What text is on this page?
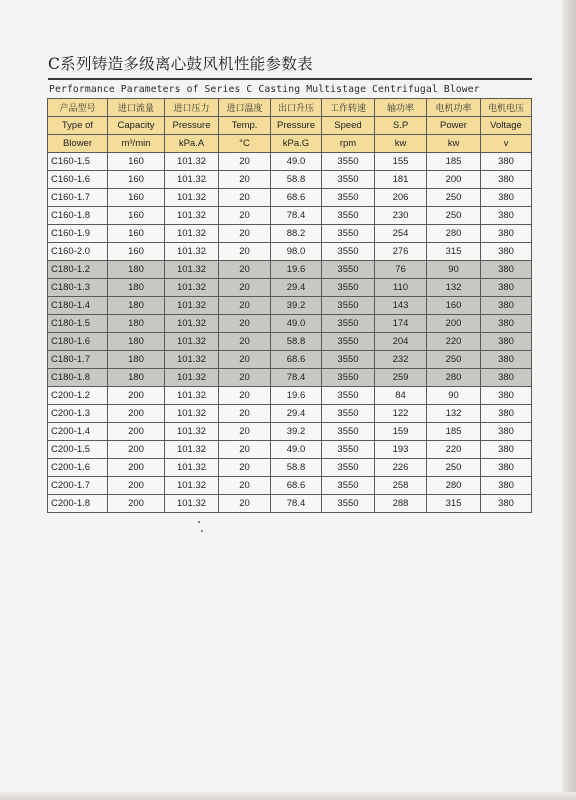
C系列铸造多级离心鼓风机性能参数表
Performance Parameters of Series C Casting Multistage Centrifugal Blower
产品型号	进口流量	进口压力	进口温度	出口升压	工作转速	轴功率	电机功率	电机电压
Type of	Capacity	Pressure	Temp.	Pressure	Speed	S.P	Power	Voltage
Blower	m³/min	kPa.A	°C	kPa.G	rpm	kw	kw	v
C160-1.5	160	101.32	20	49.0	3550	155	185	380
C160-1.6	160	101.32	20	58.8	3550	181	200	380
C160-1.7	160	101.32	20	68.6	3550	206	250	380
C160-1.8	160	101.32	20	78.4	3550	230	250	380
C160-1.9	160	101.32	20	88.2	3550	254	280	380
C160-2.0	160	101.32	20	98.0	3550	276	315	380
C180-1.2	180	101.32	20	19.6	3550	76	90	380
C180-1.3	180	101.32	20	29.4	3550	110	132	380
C180-1.4	180	101.32	20	39.2	3550	143	160	380
C180-1.5	180	101.32	20	49.0	3550	174	200	380
C180-1.6	180	101.32	20	58.8	3550	204	220	380
C180-1.7	180	101.32	20	68.6	3550	232	250	380
C180-1.8	180	101.32	20	78.4	3550	259	280	380
C200-1.2	200	101.32	20	19.6	3550	84	90	380
C200-1.3	200	101.32	20	29.4	3550	122	132	380
C200-1.4	200	101.32	20	39.2	3550	159	185	380
C200-1.5	200	101.32	20	49.0	3550	193	220	380
C200-1.6	200	101.32	20	58.8	3550	226	250	380
C200-1.7	200	101.32	20	68.6	3550	258	280	380
C200-1.8	200	101.32	20	78.4	3550	288	315	380
